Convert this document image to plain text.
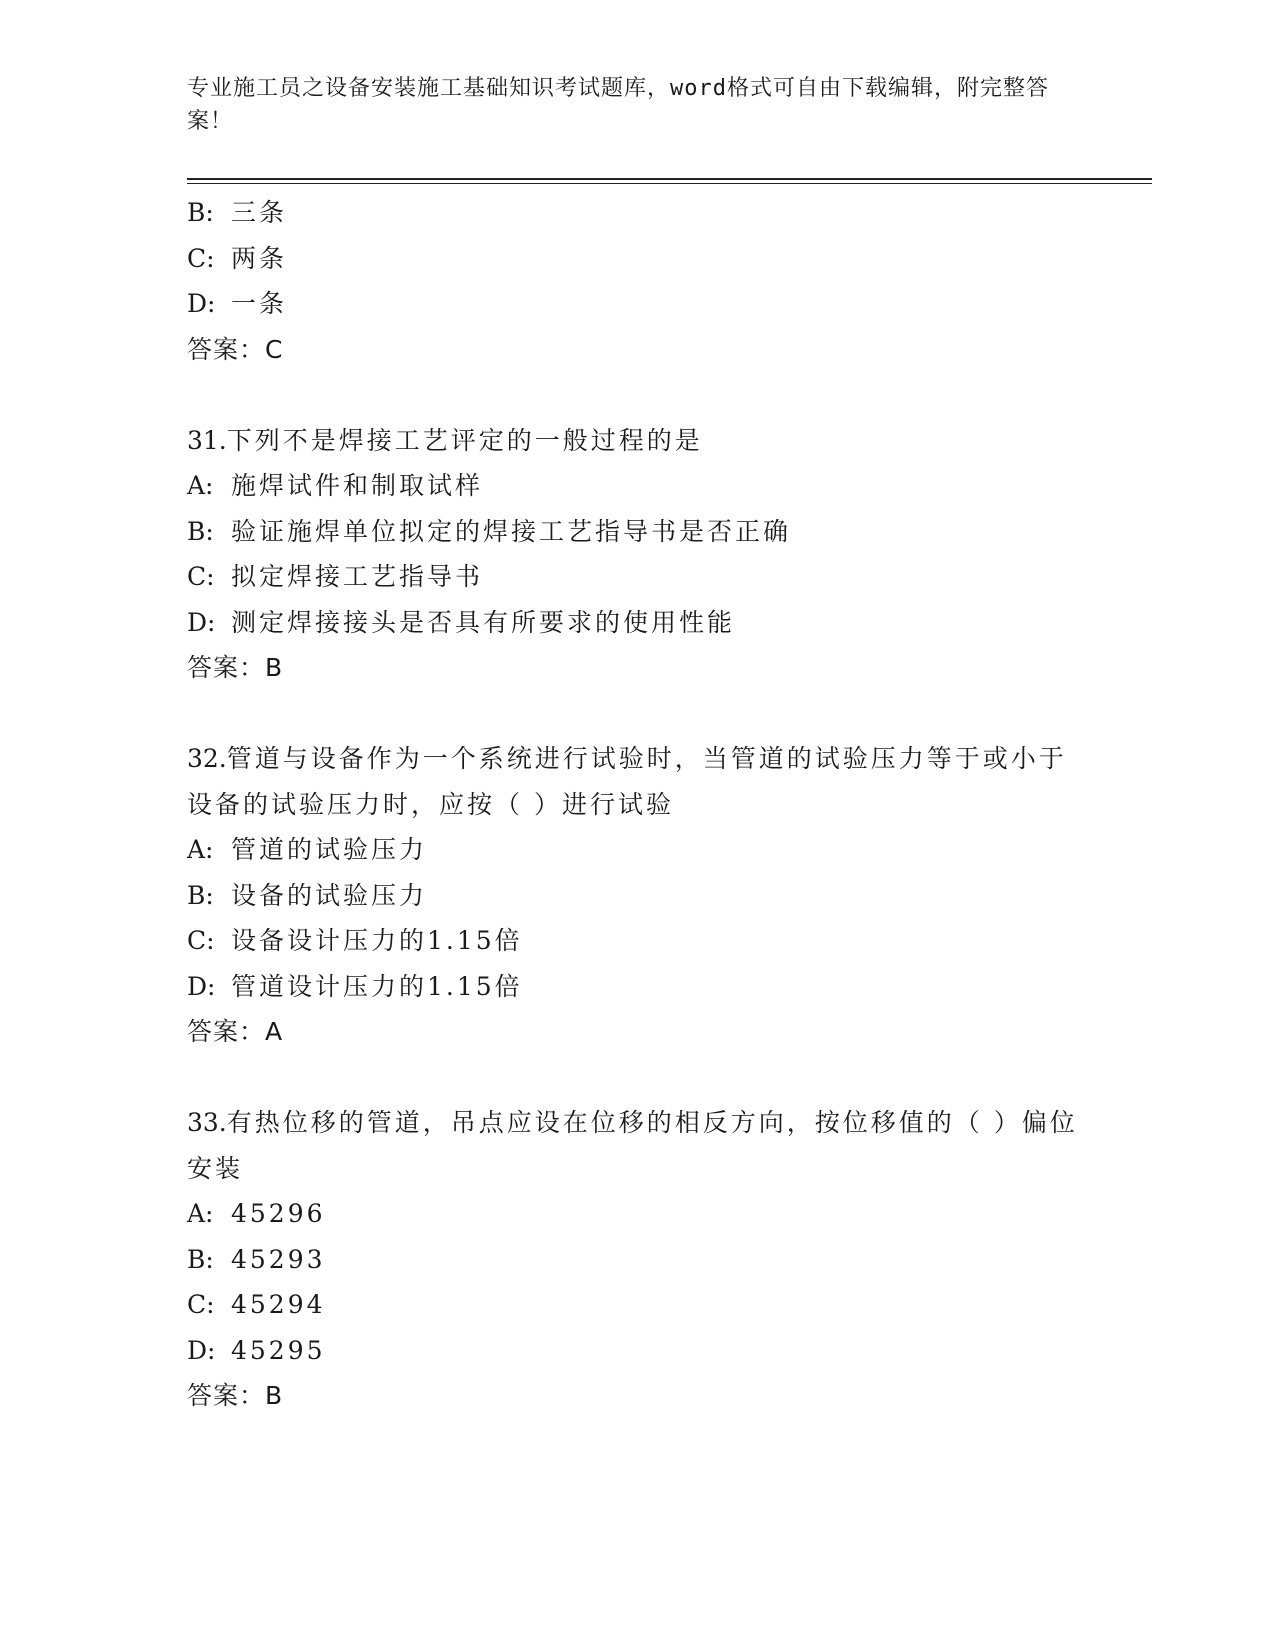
专业施工员之设备安装施工基础知识考试题库，word格式可自由下载编辑，附完整答案！
B: 三条
C: 两条
D: 一条
答案：C
31.下列不是焊接工艺评定的一般过程的是
A: 施焊试件和制取试样
B: 验证施焊单位拟定的焊接工艺指导书是否正确
C: 拟定焊接工艺指导书
D: 测定焊接接头是否具有所要求的使用性能
答案：B
32.管道与设备作为一个系统进行试验时，当管道的试验压力等于或小于设备的试验压力时，应按（ ）进行试验
A: 管道的试验压力
B: 设备的试验压力
C: 设备设计压力的1.15倍
D: 管道设计压力的1.15倍
答案：A
33.有热位移的管道，吊点应设在位移的相反方向，按位移值的（ ）偏位安装
A: 45296
B: 45293
C: 45294
D: 45295
答案：B
